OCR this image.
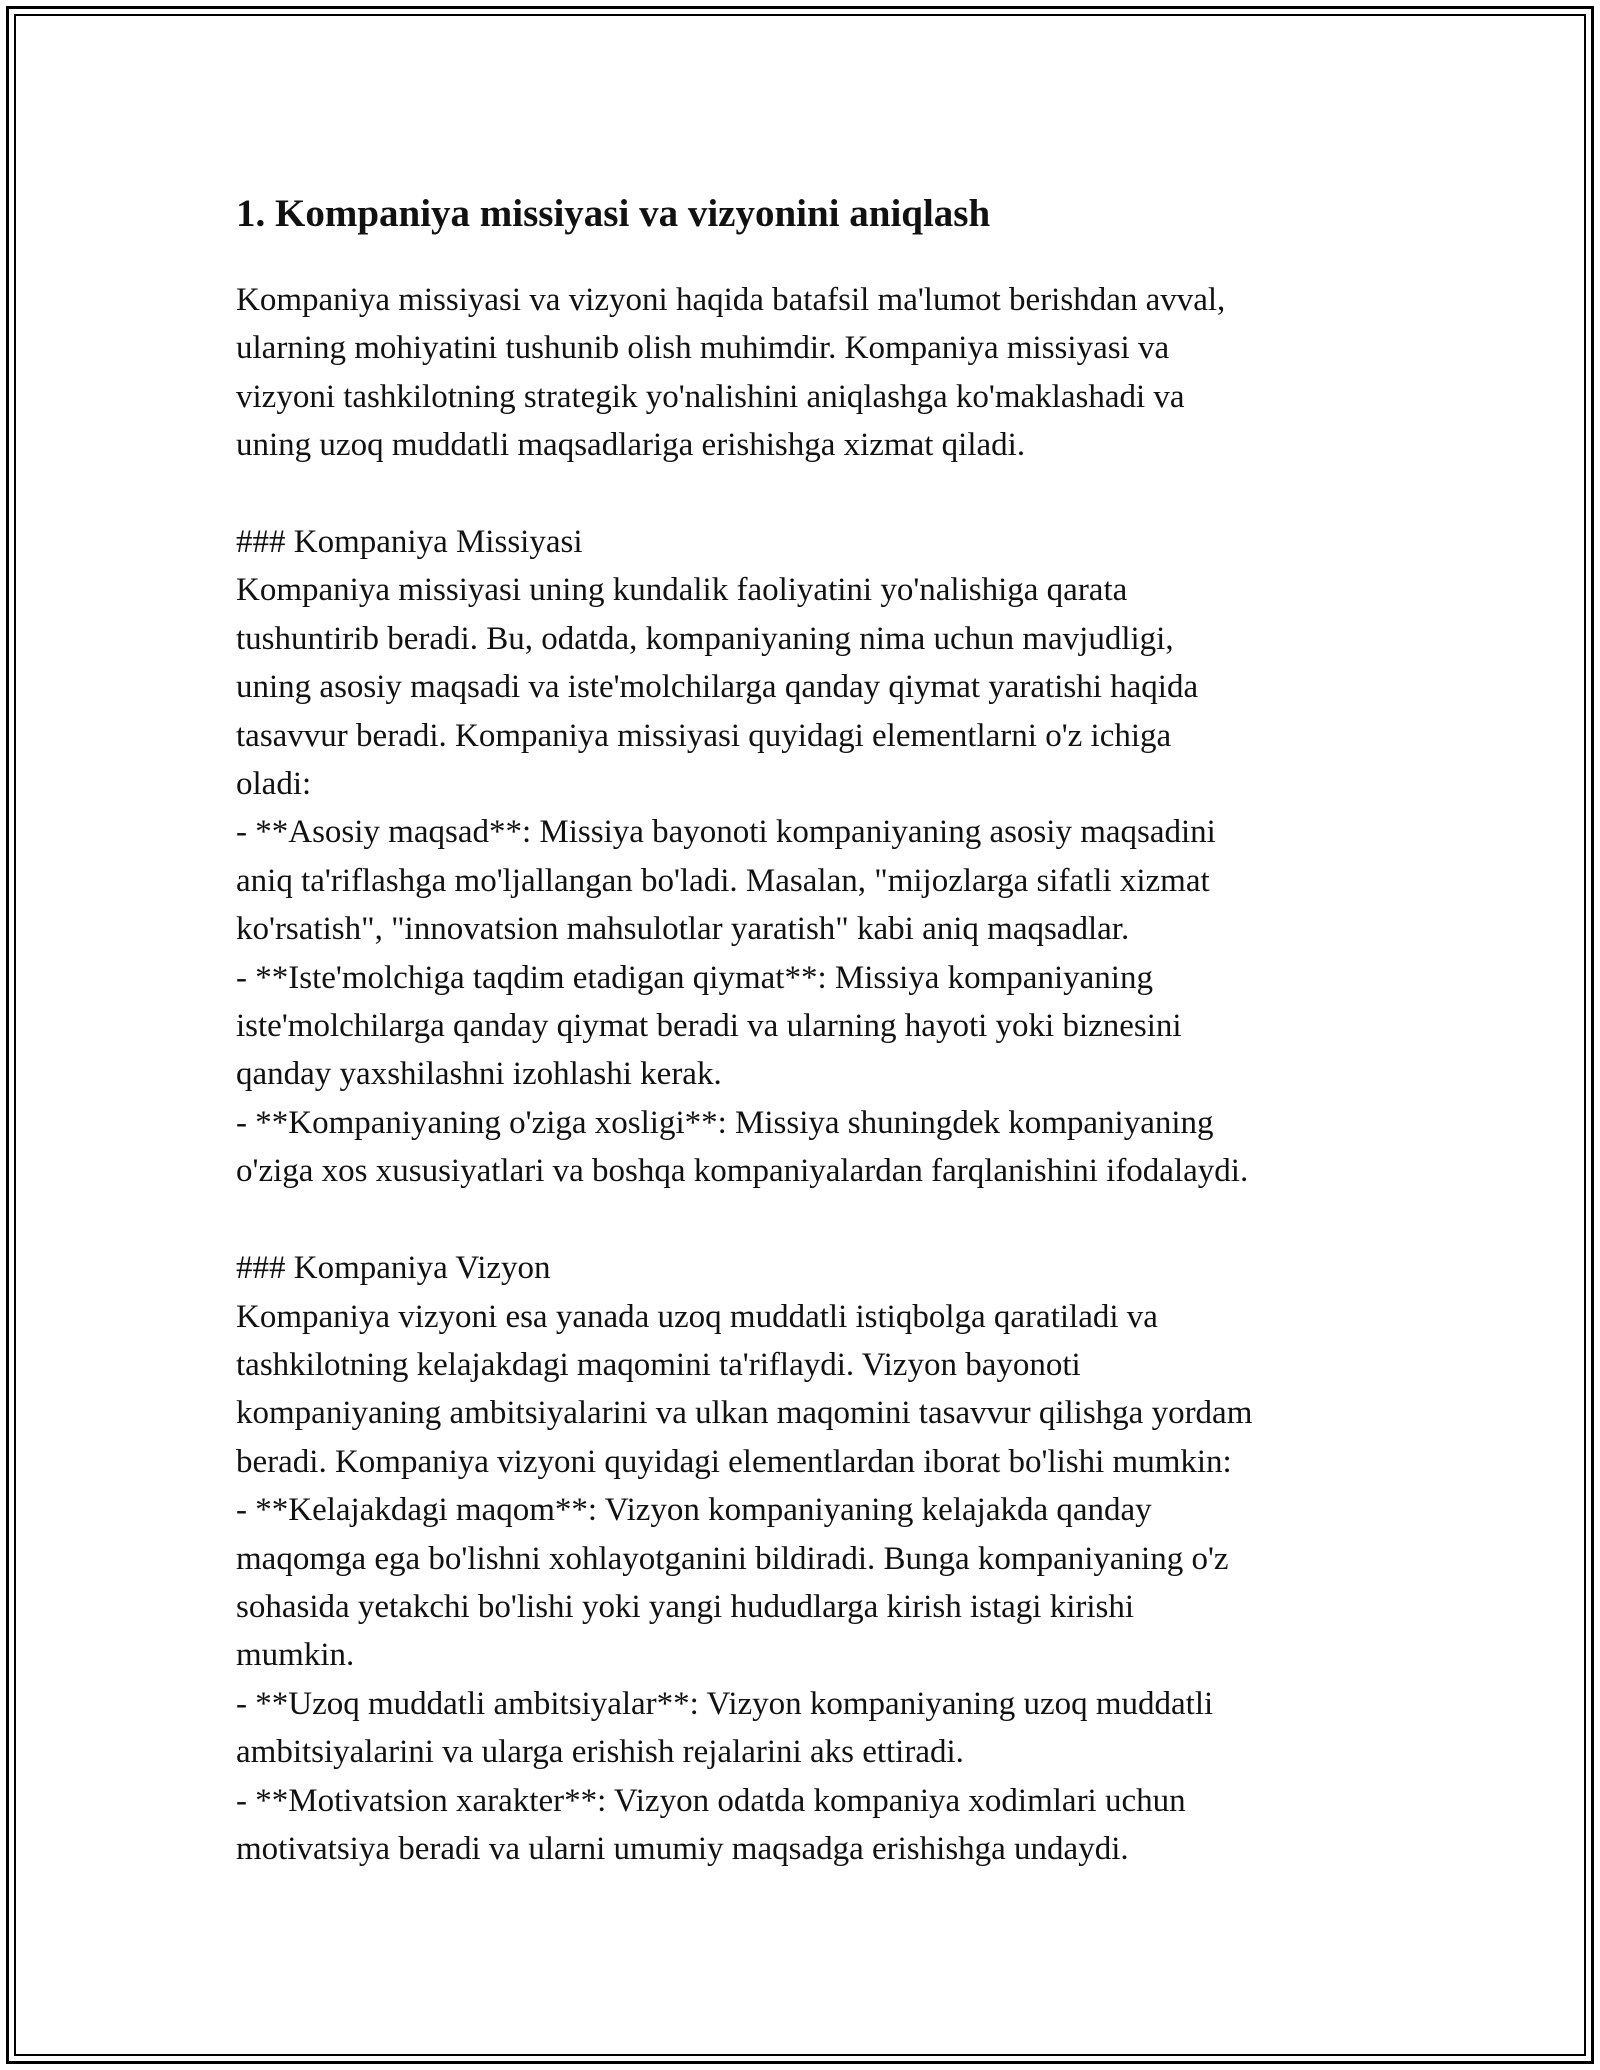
1. Kompaniya missiyasi va vizyonini aniqlash

Kompaniya missiyasi va vizyoni haqida batafsil ma'lumot berishdan avval,
ularning mohiyatini tushunib olish muhimdir. Kompaniya missiyasi va
vizyoni tashkilotning strategik yo'nalishini aniqlashga ko'maklashadi va
uning uzoq muddatli maqsadlariga erishishga xizmat qiladi.

### Kompaniya Missiyasi

Kompaniya missiyasi uning kundalik faoliyatini yo'nalishiga qarata
tushuntirib beradi. Bu, odatda, kompaniyaning nima uchun mavjudligi,
uning asosiy maqsadi va iste'molchilarga qanday qiymat yaratishi haqida
tasavvur beradi. Kompaniya missiyasi quyidagi elementlarni o'z ichiga
oladi:
- **Asosiy maqsad**: Missiya bayonoti kompaniyaning asosiy maqsadini
aniq ta'riflashga mo'ljallangan bo'ladi. Masalan, "mijozlarga sifatli xizmat
ko'rsatish", "innovatsion mahsulotlar yaratish" kabi aniq maqsadlar.
- **Iste'molchiga taqdim etadigan qiymat**: Missiya kompaniyaning
iste'molchilarga qanday qiymat beradi va ularning hayoti yoki biznesini
qanday yaxshilashni izohlashi kerak.
- **Kompaniyaning o'ziga xosligi**: Missiya shuningdek kompaniyaning
o'ziga xos xususiyatlari va boshqa kompaniyalardan farqlanishini ifodalaydi.

### Kompaniya Vizyon

Kompaniya vizyoni esa yanada uzoq muddatli istiqbolga qaratiladi va
tashkilotning kelajakdagi maqomini ta'riflaydi. Vizyon bayonoti
kompaniyaning ambitsiyalarini va ulkan maqomini tasavvur qilishga yordam
beradi. Kompaniya vizyoni quyidagi elementlardan iborat bo'lishi mumkin:
- **Kelajakdagi maqom**: Vizyon kompaniyaning kelajakda qanday
maqomga ega bo'lishni xohlayotganini bildiradi. Bunga kompaniyaning o'z
sohasida yetakchi bo'lishi yoki yangi hududlarga kirish istagi kirishi
mumkin.
- **Uzoq muddatli ambitsiyalar**: Vizyon kompaniyaning uzoq muddatli
ambitsiyalarini va ularga erishish rejalarini aks ettiradi.
- **Motivatsion xarakter**: Vizyon odatda kompaniya xodimlari uchun
motivatsiya beradi va ularni umumiy maqsadga erishishga undaydi.
